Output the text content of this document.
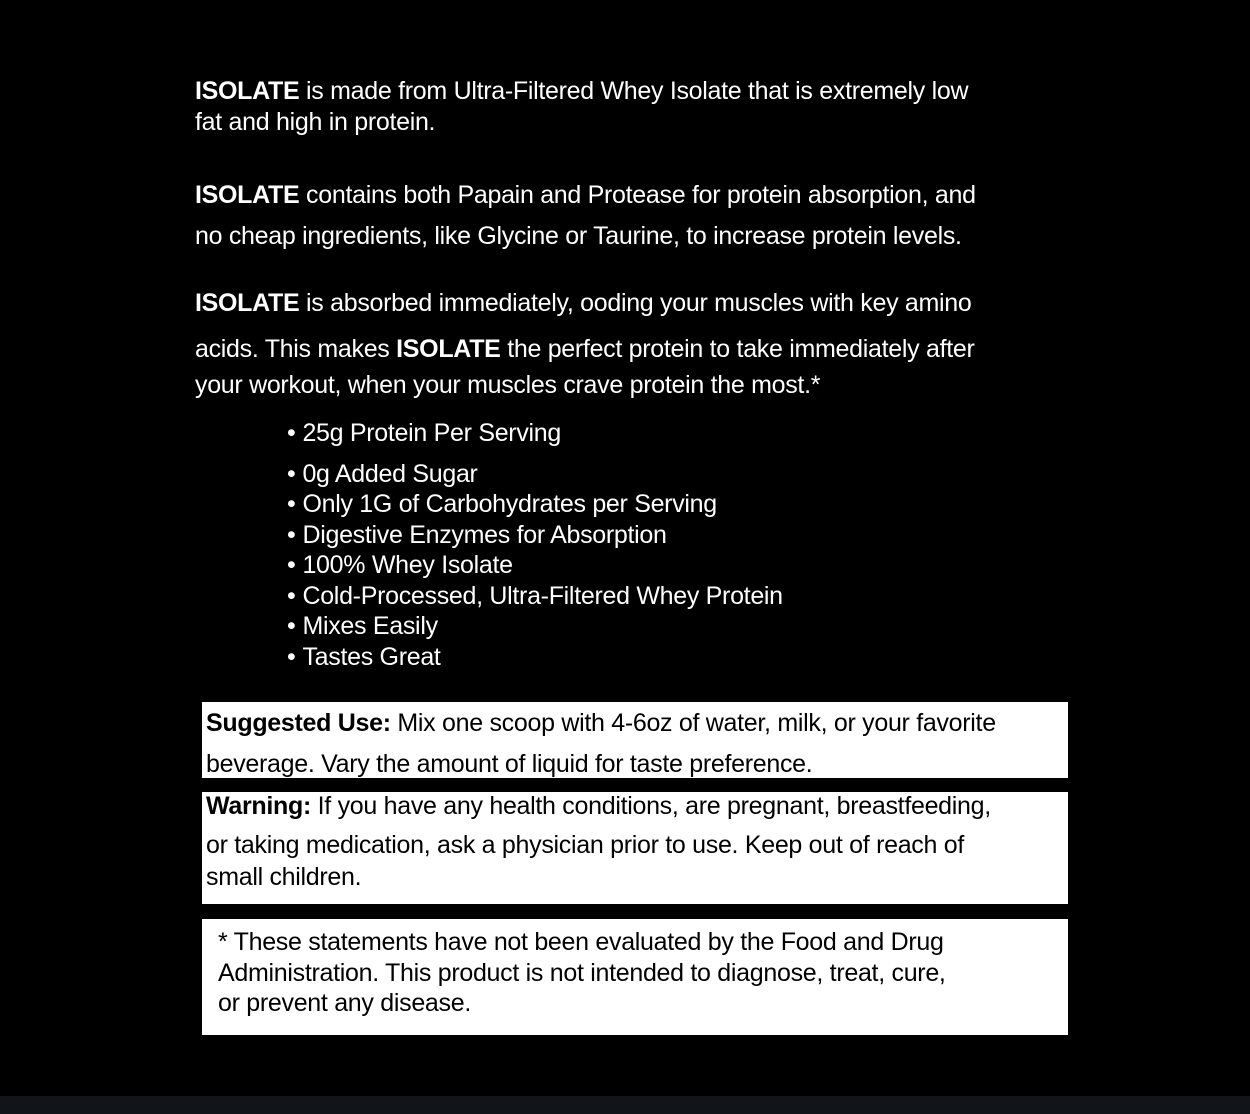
ISOLATE is made from Ultra-Filtered Whey Isolate that is extremely low
fat and high in protein.
ISOLATE contains both Papain and Protease for protein absorption, and
no cheap ingredients, like Glycine or Taurine, to increase protein levels.
ISOLATE is absorbed immediately, ooding your muscles with key amino
acids. This makes ISOLATE the perfect protein to take immediately after
your workout, when your muscles crave protein the most.*
• 25g Protein Per Serving
• 0g Added Sugar
• Only 1G of Carbohydrates per Serving
• Digestive Enzymes for Absorption
• 100% Whey Isolate
• Cold-Processed, Ultra-Filtered Whey Protein
• Mixes Easily
• Tastes Great
Suggested Use: Mix one scoop with 4-6oz of water, milk, or your favorite
beverage. Vary the amount of liquid for taste preference.
Warning: If you have any health conditions, are pregnant, breastfeeding,
or taking medication, ask a physician prior to use. Keep out of reach of
small children.
* These statements have not been evaluated by the Food and Drug
Administration. This product is not intended to diagnose, treat, cure,
or prevent any disease.
